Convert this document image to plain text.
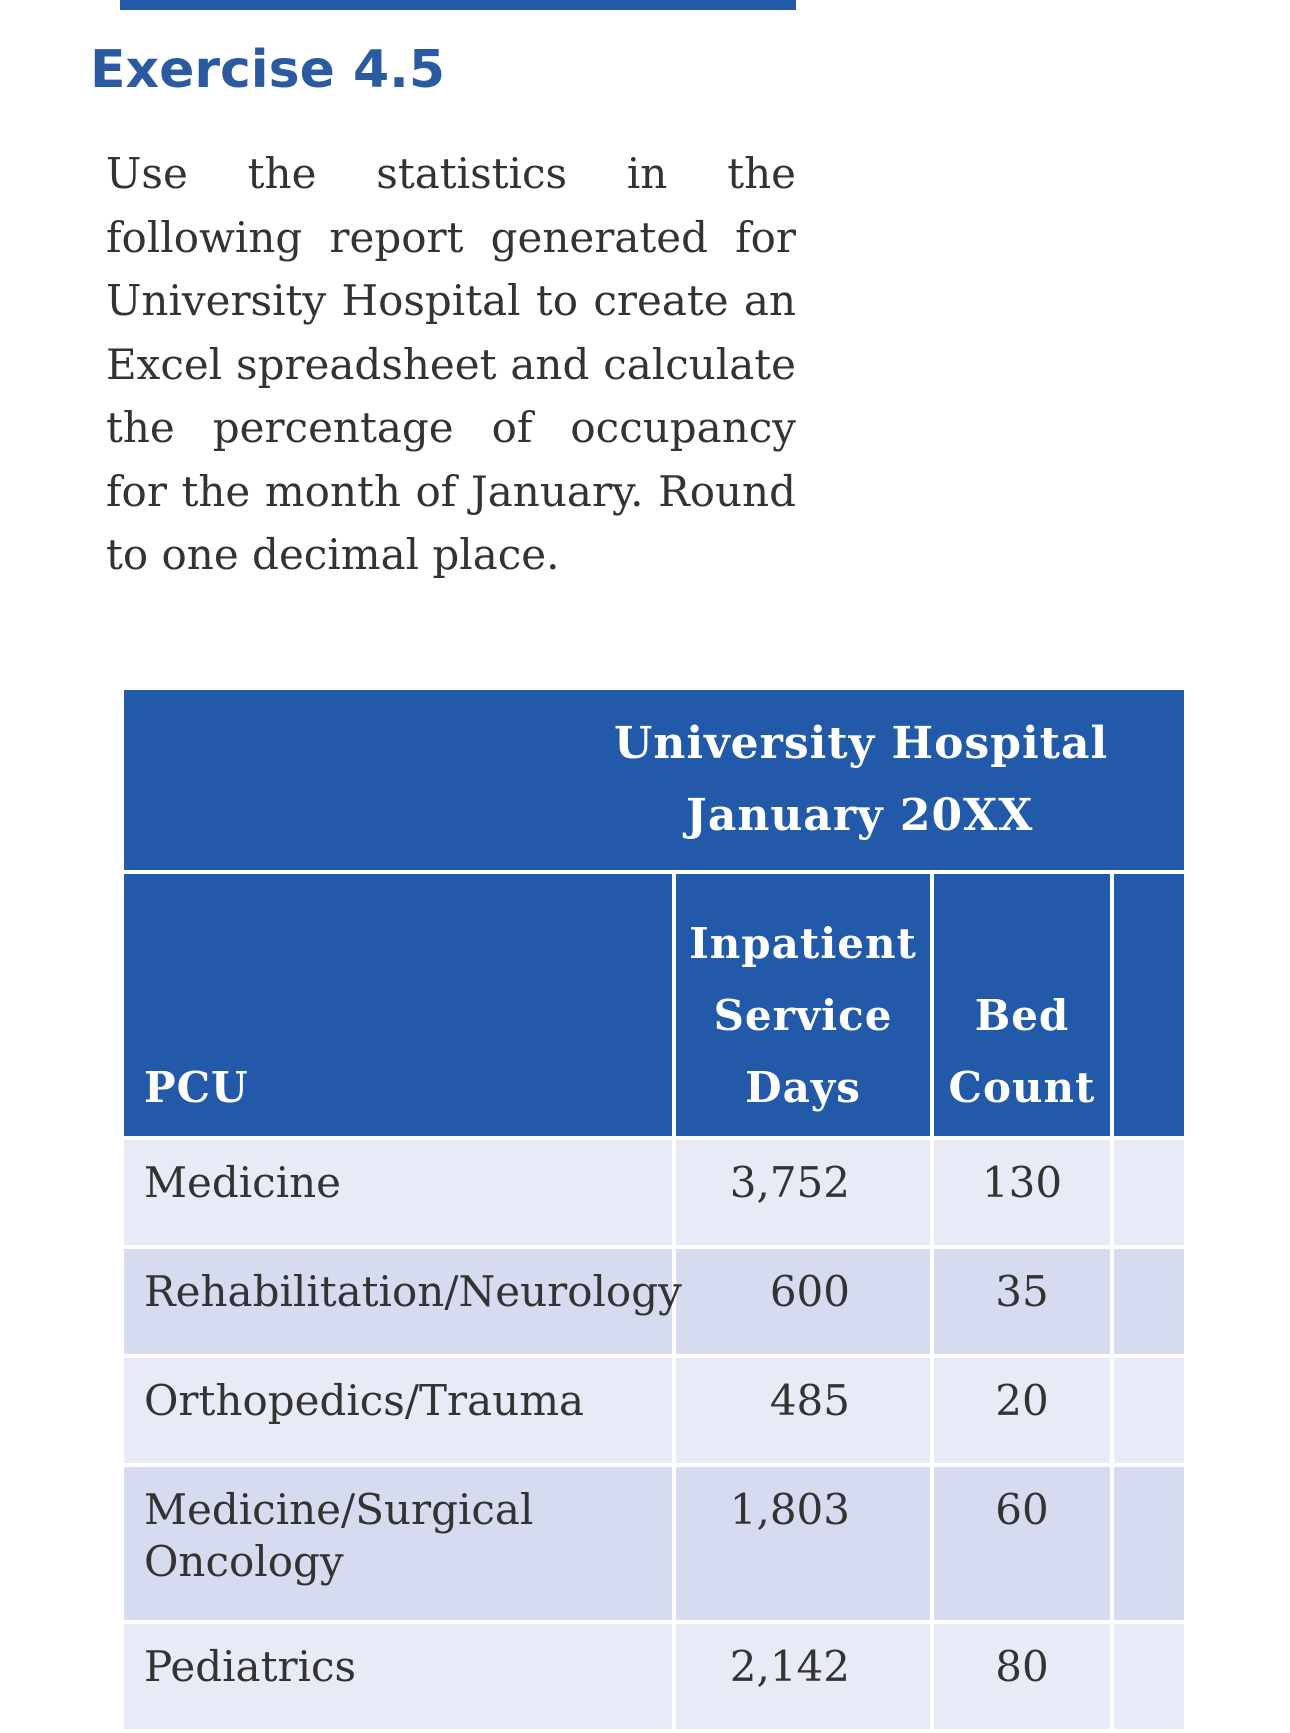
Exercise 4.5

Use the statistics in the following report generated for University Hospital to create an Excel spreadsheet and calculate the percentage of occupancy for the month of January. Round to one decimal place.

University Hospital
January 20XX			

PCU	Inpatient
Service
Days	Bed
Count	
Medicine	3,752	130	
Rehabilitation/Neurology	600	35	
Orthopedics/Trauma	485	20	
Medicine/Surgical Oncology	1,803	60	
Pediatrics	2,142	80	
